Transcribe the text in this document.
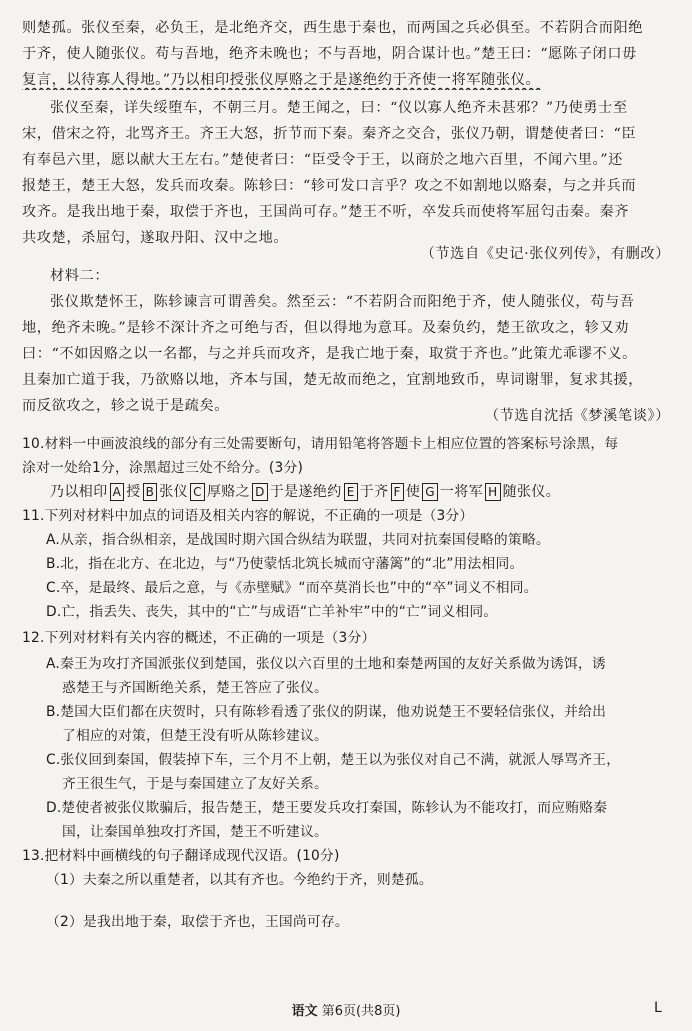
则楚孤。张仪至秦，必负王，是北绝齐交，西生患于秦也，而两国之兵必俱至。不若阴合而阳绝
于齐，使人随张仪。苟与吾地，绝齐未晚也；不与吾地，阴合谋计也。”楚王曰：“愿陈子闭口毋
复言，以待寡人得地。”乃以相印授张仪厚赂之于是遂绝约于齐使一将军随张仪。
张仪至秦，详失绥堕车，不朝三月。楚王闻之，曰：“仪以寡人绝齐未甚邪？”乃使勇士至
宋，借宋之符，北骂齐王。齐王大怒，折节而下秦。秦齐之交合，张仪乃朝，谓楚使者曰：“臣
有奉邑六里，愿以献大王左右。”楚使者曰：“臣受令于王，以商於之地六百里，不闻六里。”还
报楚王，楚王大怒，发兵而攻秦。陈轸曰：“轸可发口言乎？攻之不如割地以赂秦，与之并兵而
攻齐。是我出地于秦，取偿于齐也，王国尚可存。”楚王不听，卒发兵而使将军屈匄击秦。秦齐
共攻楚，杀屈匄，遂取丹阳、汉中之地。
（节选自《史记·张仪列传》，有删改）
材料二：
张仪欺楚怀王，陈轸谏言可谓善矣。然至云：“不若阴合而阳绝于齐，使人随张仪，苟与吾
地，绝齐未晚。”是轸不深计齐之可绝与否，但以得地为意耳。及秦负约，楚王欲攻之，轸又劝
曰：“不如因赂之以一名都，与之并兵而攻齐，是我亡地于秦，取赏于齐也。”此策尤乖谬不义。
且秦加亡道于我，乃欲赂以地，齐本与国，楚无故而绝之，宜割地致币，卑词谢罪，复求其援，
而反欲攻之，轸之说于是疏矣。
（节选自沈括《梦溪笔谈》）
10.材料一中画波浪线的部分有三处需要断句，请用铅笔将答题卡上相应位置的答案标号涂黑，每
涂对一处给1分，涂黑超过三处不给分。(3分)
乃以相印 A 授 B 张仪 C 厚赂之 D 于是遂绝约 E 于齐 F 使 G 一将军 H 随张仪。
11.下列对材料中加点的词语及相关内容的解说，不正确的一项是（3分）
A.从亲，指合纵相亲，是战国时期六国合纵结为联盟，共同对抗秦国侵略的策略。
B.北，指在北方、在北边，与“乃使蒙恬北筑长城而守藩篱”的“北”用法相同。
C.卒，是最终、最后之意，与《赤壁赋》“而卒莫消长也”中的“卒”词义不相同。
D.亡，指丢失、丧失，其中的“亡”与成语“亡羊补牢”中的“亡”词义相同。
12.下列对材料有关内容的概述，不正确的一项是（3分）
A.秦王为攻打齐国派张仪到楚国，张仪以六百里的土地和秦楚两国的友好关系做为诱饵，诱
惑楚王与齐国断绝关系，楚王答应了张仪。
B.楚国大臣们都在庆贺时，只有陈轸看透了张仪的阴谋，他劝说楚王不要轻信张仪，并给出
了相应的对策，但楚王没有听从陈轸建议。
C.张仪回到秦国，假装掉下车，三个月不上朝，楚王以为张仪对自己不满，就派人辱骂齐王，
齐王很生气，于是与秦国建立了友好关系。
D.楚使者被张仪欺骗后，报告楚王，楚王要发兵攻打秦国，陈轸认为不能攻打，而应贿赂秦
国，让秦国单独攻打齐国，楚王不听建议。
13.把材料中画横线的句子翻译成现代汉语。(10分)
（1）夫秦之所以重楚者，以其有齐也。今绝约于齐，则楚孤。
（2）是我出地于秦，取偿于齐也，王国尚可存。
语文 第6页(共8页)	L
